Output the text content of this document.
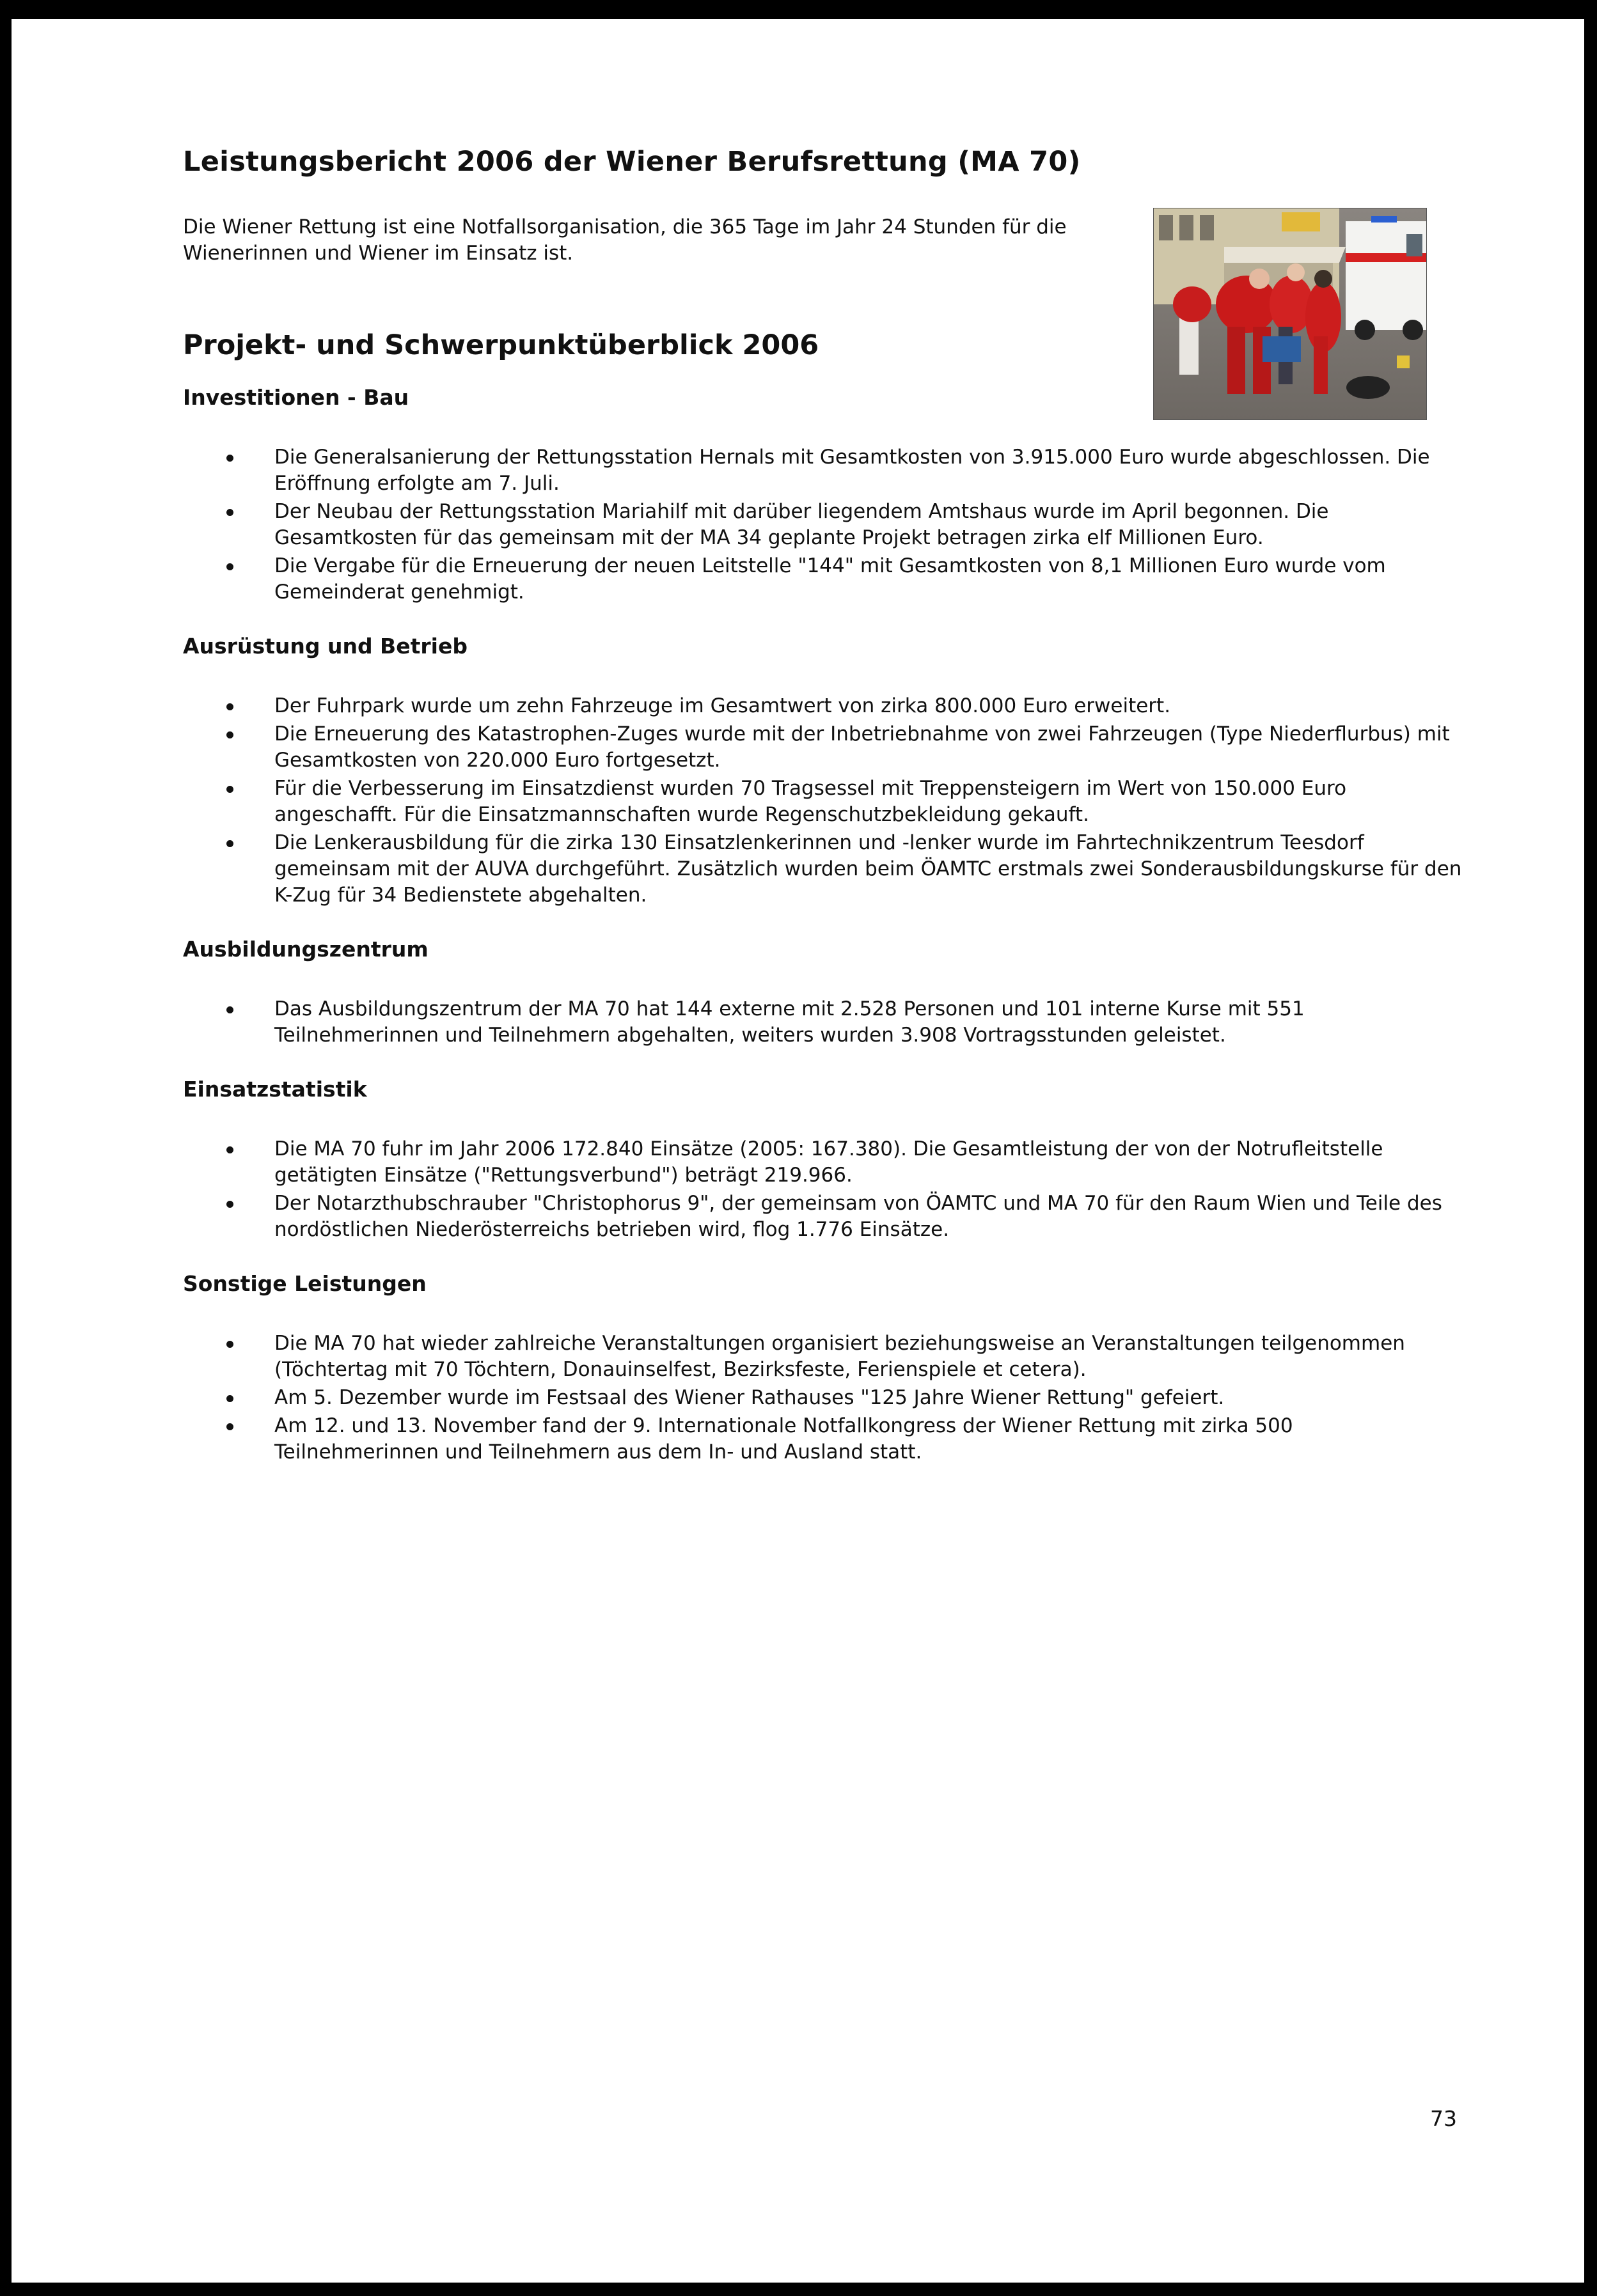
Leistungsbericht 2006 der Wiener Berufsrettung (MA 70)

Die Wiener Rettung ist eine Notfallsorganisation, die 365 Tage im Jahr 24 Stunden für die Wienerinnen und Wiener im Einsatz ist.

Projekt- und Schwerpunktüberblick 2006
Investitionen - Bau
Die Generalsanierung der Rettungsstation Hernals mit Gesamtkosten von 3.915.000 Euro wurde abgeschlossen. Die Eröffnung erfolgte am 7. Juli.
Der Neubau der Rettungsstation Mariahilf mit darüber liegendem Amtshaus wurde im April begonnen. Die Gesamtkosten für das gemeinsam mit der MA 34 geplante Projekt betragen zirka elf Millionen Euro.
Die Vergabe für die Erneuerung der neuen Leitstelle "144" mit Gesamtkosten von 8,1 Millionen Euro wurde vom Gemeinderat genehmigt.
Ausrüstung und Betrieb
Der Fuhrpark wurde um zehn Fahrzeuge im Gesamtwert von zirka 800.000 Euro erweitert.
Die Erneuerung des Katastrophen-Zuges wurde mit der Inbetriebnahme von zwei Fahrzeugen (Type Niederflurbus) mit Gesamtkosten von 220.000 Euro fortgesetzt.
Für die Verbesserung im Einsatzdienst wurden 70 Tragsessel mit Treppensteigern im Wert von 150.000 Euro angeschafft. Für die Einsatzmannschaften wurde Regenschutzbekleidung gekauft.
Die Lenkerausbildung für die zirka 130 Einsatzlenkerinnen und -lenker wurde im Fahrtechnikzentrum Teesdorf gemeinsam mit der AUVA durchgeführt. Zusätzlich wurden beim ÖAMTC erstmals zwei Sonderausbildungskurse für den K-Zug für 34 Bedienstete abgehalten.
Ausbildungszentrum
Das Ausbildungszentrum der MA 70 hat 144 externe mit 2.528 Personen und 101 interne Kurse mit 551 Teilnehmerinnen und Teilnehmern abgehalten, weiters wurden 3.908 Vortragsstunden geleistet.
Einsatzstatistik
Die MA 70 fuhr im Jahr 2006 172.840 Einsätze (2005: 167.380). Die Gesamtleistung der von der Notrufleitstelle getätigten Einsätze ("Rettungsverbund") beträgt 219.966.
Der Notarzthubschrauber "Christophorus 9", der gemeinsam von ÖAMTC und MA 70 für den Raum Wien und Teile des nordöstlichen Niederösterreichs betrieben wird, flog 1.776 Einsätze.
Sonstige Leistungen
Die MA 70 hat wieder zahlreiche Veranstaltungen organisiert beziehungsweise an Veranstaltungen teilgenommen (Töchtertag mit 70 Töchtern, Donauinselfest, Bezirksfeste, Ferienspiele et cetera).
Am 5. Dezember wurde im Festsaal des Wiener Rathauses "125 Jahre Wiener Rettung" gefeiert.
Am 12. und 13. November fand der 9. Internationale Notfallkongress der Wiener Rettung mit zirka 500 Teilnehmerinnen und Teilnehmern aus dem In- und Ausland statt.
73
